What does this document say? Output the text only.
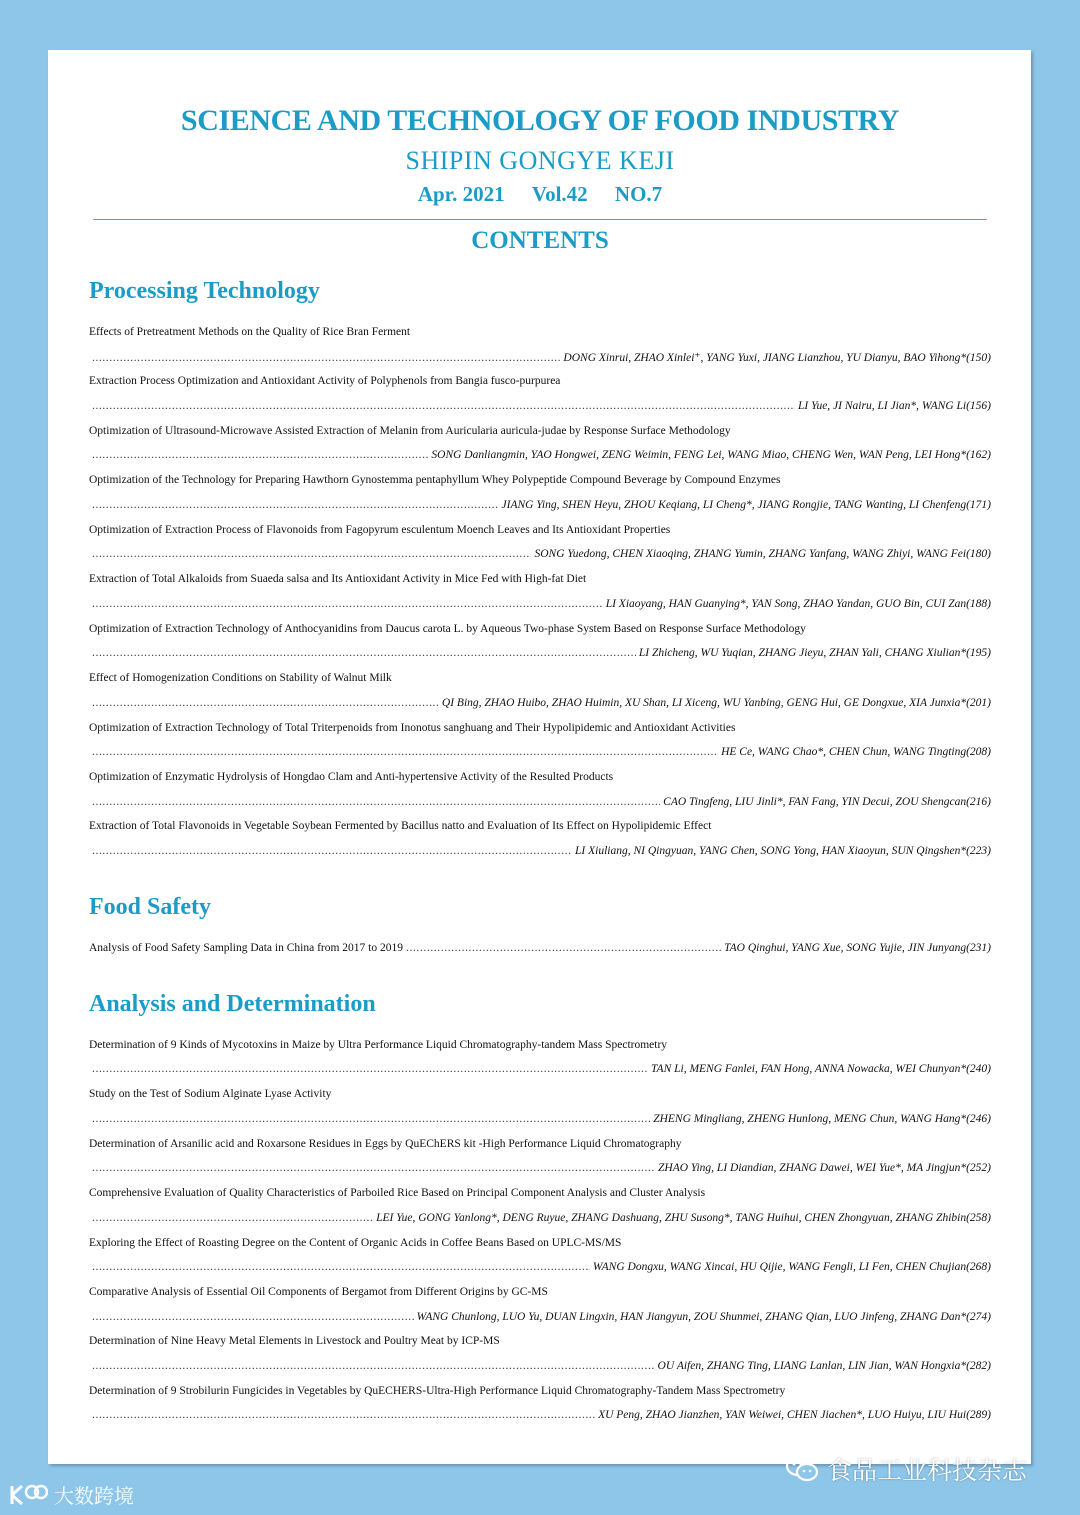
SCIENCE AND TECHNOLOGY OF FOOD INDUSTRY
SHIPIN GONGYE KEJI
Apr. 2021 Vol.42 NO.7
CONTENTS
Processing Technology
Effects of Pretreatment Methods on the Quality of Rice Bran Ferment
.....
DONG Xinrui, ZHAO Xinlei⁺, YANG Yuxi, JIANG Lianzhou, YU Dianyu, BAO Yihong*(150)
Extraction Process Optimization and Antioxidant Activity of Polyphenols from Bangia fusco-purpurea
.....
LI Yue, JI Nairu, LI Jian*, WANG Li(156)
Optimization of Ultrasound-Microwave Assisted Extraction of Melanin from Auricularia auricula-judae by Response Surface Methodology
.....
SONG Danliangmin, YAO Hongwei, ZENG Weimin, FENG Lei, WANG Miao, CHENG Wen, WAN Peng, LEI Hong*(162)
Optimization of the Technology for Preparing Hawthorn Gynostemma pentaphyllum Whey Polypeptide Compound Beverage by Compound Enzymes
.....
JIANG Ying, SHEN Heyu, ZHOU Keqiang, LI Cheng*, JIANG Rongjie, TANG Wanting, LI Chenfeng(171)
Optimization of Extraction Process of Flavonoids from Fagopyrum esculentum Moench Leaves and Its Antioxidant Properties
.....
SONG Yuedong, CHEN Xiaoqing, ZHANG Yumin, ZHANG Yanfang, WANG Zhiyi, WANG Fei(180)
Extraction of Total Alkaloids from Suaeda salsa and Its Antioxidant Activity in Mice Fed with High-fat Diet
.....
LI Xiaoyang, HAN Guanying*, YAN Song, ZHAO Yandan, GUO Bin, CUI Zan(188)
Optimization of Extraction Technology of Anthocyanidins from Daucus carota L. by Aqueous Two-phase System Based on Response Surface Methodology
.....
LI Zhicheng, WU Yuqian, ZHANG Jieyu, ZHAN Yali, CHANG Xiulian*(195)
Effect of Homogenization Conditions on Stability of Walnut Milk
.....
QI Bing, ZHAO Huibo, ZHAO Huimin, XU Shan, LI Xiceng, WU Yanbing, GENG Hui, GE Dongxue, XIA Junxia*(201)
Optimization of Extraction Technology of Total Triterpenoids from Inonotus sanghuang and Their Hypolipidemic and Antioxidant Activities
.....
HE Ce, WANG Chao*, CHEN Chun, WANG Tingting(208)
Optimization of Enzymatic Hydrolysis of Hongdao Clam and Anti-hypertensive Activity of the Resulted Products
.....
CAO Tingfeng, LIU Jinli*, FAN Fang, YIN Decui, ZOU Shengcan(216)
Extraction of Total Flavonoids in Vegetable Soybean Fermented by Bacillus natto and Evaluation of Its Effect on Hypolipidemic Effect
.....
LI Xiuliang, NI Qingyuan, YANG Chen, SONG Yong, HAN Xiaoyun, SUN Qingshen*(223)
Food Safety
Analysis of Food Safety Sampling Data in China from 2017 to 2019 .....	TAO Qinghui, YANG Xue, SONG Yujie, JIN Junyang(231)
Analysis and Determination
Determination of 9 Kinds of Mycotoxins in Maize by Ultra Performance Liquid Chromatography-tandem Mass Spectrometry
.....
TAN Li, MENG Fanlei, FAN Hong, ANNA Nowacka, WEI Chunyan*(240)
Study on the Test of Sodium Alginate Lyase Activity
.....
ZHENG Mingliang, ZHENG Hunlong, MENG Chun, WANG Hang*(246)
Determination of Arsanilic acid and Roxarsone Residues in Eggs by QuEChERS kit -High Performance Liquid Chromatography
.....
ZHAO Ying, LI Diandian, ZHANG Dawei, WEI Yue*, MA Jingjun*(252)
Comprehensive Evaluation of Quality Characteristics of Parboiled Rice Based on Principal Component Analysis and Cluster Analysis
.....
LEI Yue, GONG Yanlong*, DENG Ruyue, ZHANG Dashuang, ZHU Susong*, TANG Huihui, CHEN Zhongyuan, ZHANG Zhibin(258)
Exploring the Effect of Roasting Degree on the Content of Organic Acids in Coffee Beans Based on UPLC-MS/MS
.....
WANG Dongxu, WANG Xincai, HU Qijie, WANG Fengli, LI Fen, CHEN Chujian(268)
Comparative Analysis of Essential Oil Components of Bergamot from Different Origins by GC-MS
.....
WANG Chunlong, LUO Yu, DUAN Lingxin, HAN Jiangyun, ZOU Shunmei, ZHANG Qian, LUO Jinfeng, ZHANG Dan*(274)
Determination of Nine Heavy Metal Elements in Livestock and Poultry Meat by ICP-MS
.....
OU Aifen, ZHANG Ting, LIANG Lanlan, LIN Jian, WAN Hongxia*(282)
Determination of 9 Strobilurin Fungicides in Vegetables by QuECHERS-Ultra-High Performance Liquid Chromatography-Tandem Mass Spectrometry
.....
XU Peng, ZHAO Jianzhen, YAN Weiwei, CHEN Jiachen*, LUO Huiyu, LIU Hui(289)
大数跨境
食品工业科技杂志
